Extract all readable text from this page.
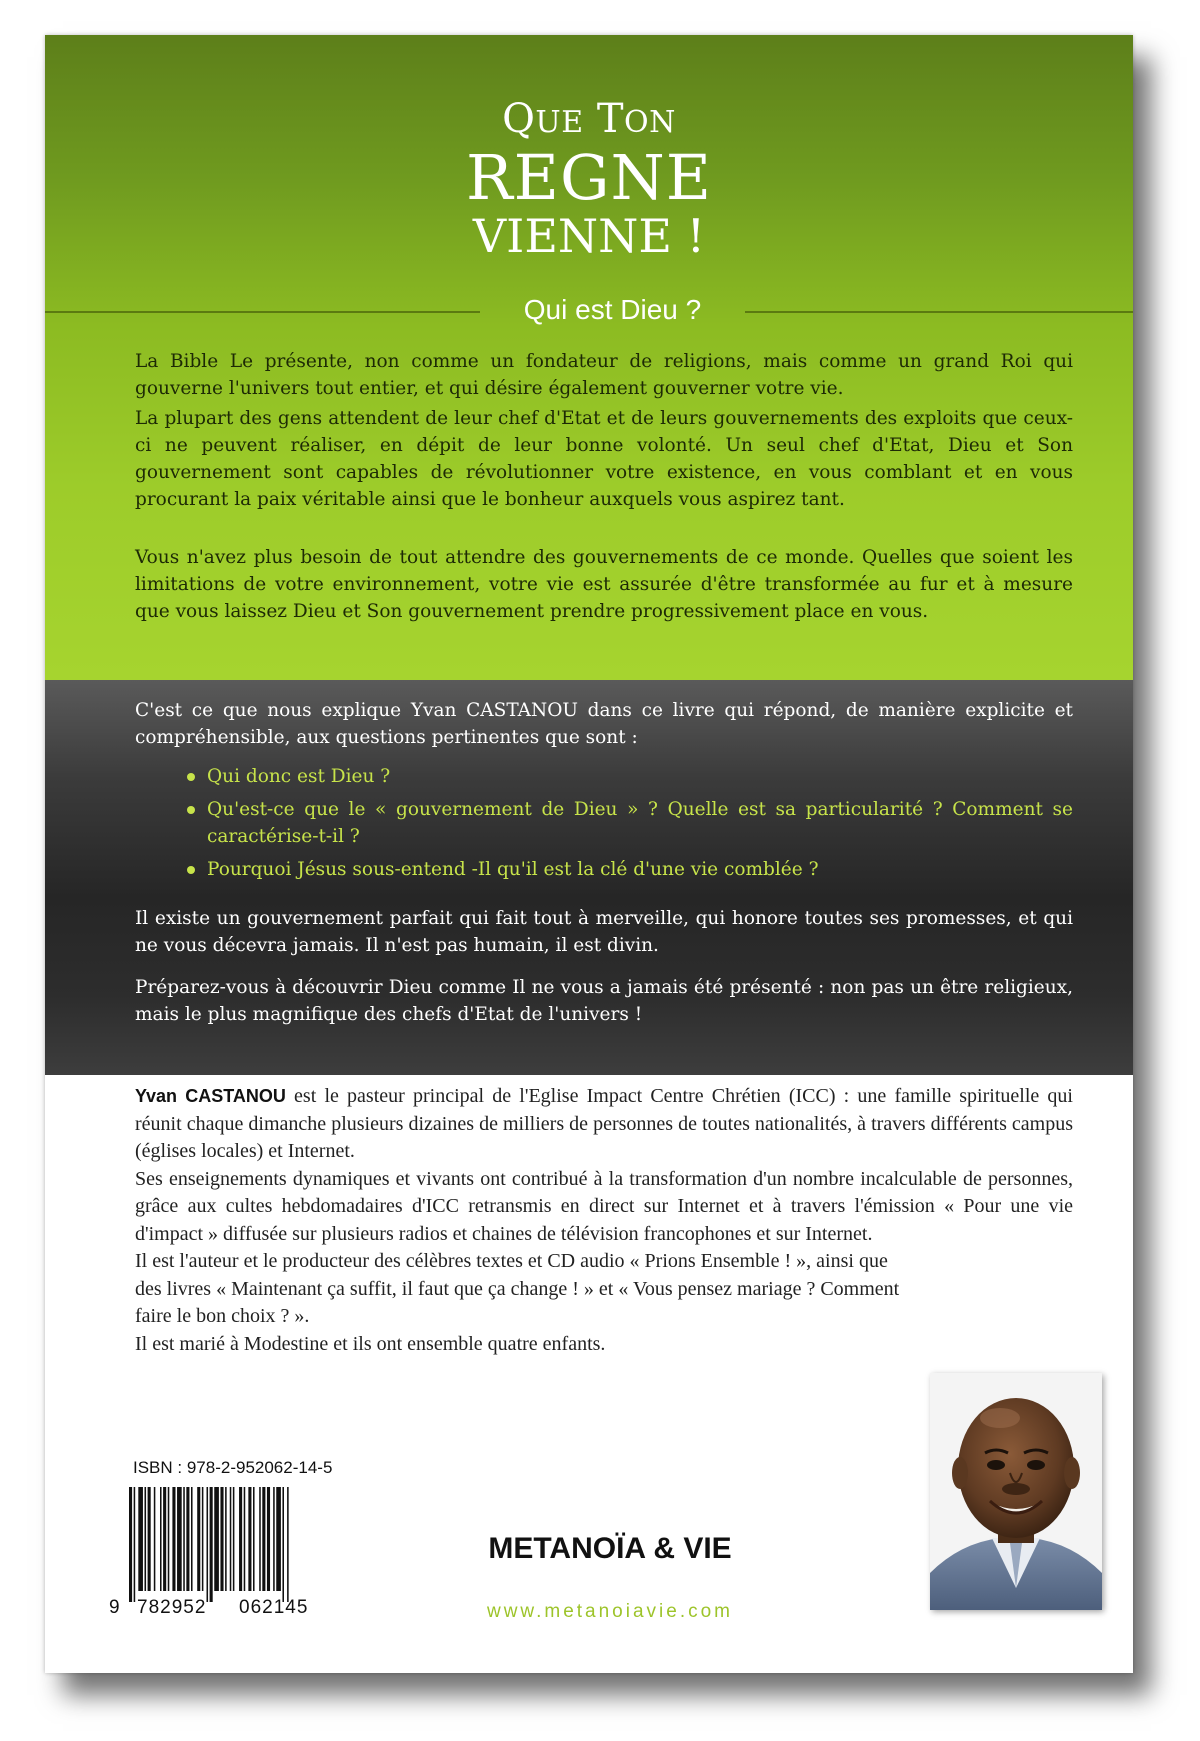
QUE TON
REGNE
VIENNE !
Qui est Dieu ?

La Bible Le présente, non comme un fondateur de religions, mais comme un grand Roi qui gouverne l'univers tout entier, et qui désire également gouverner votre vie.

La plupart des gens attendent de leur chef d'Etat et de leurs gouvernements des exploits que ceux-ci ne peuvent réaliser, en dépit de leur bonne volonté. Un seul chef d'Etat, Dieu et Son gouvernement sont capables de révolutionner votre existence, en vous comblant et en vous procurant la paix véritable ainsi que le bonheur auxquels vous aspirez tant.

Vous n'avez plus besoin de tout attendre des gouvernements de ce monde. Quelles que soient les limitations de votre environnement, votre vie est assurée d'être transformée au fur et à mesure que vous laissez Dieu et Son gouvernement prendre progressivement place en vous.

C'est ce que nous explique Yvan CASTANOU dans ce livre qui répond, de manière explicite et compréhensible, aux questions pertinentes que sont :

Qui donc est Dieu ?
Qu'est-ce que le « gouvernement de Dieu » ? Quelle est sa particularité ? Comment se caractérise-t-il ?
Pourquoi Jésus sous-entend -Il qu'il est la clé d'une vie comblée ?

Il existe un gouvernement parfait qui fait tout à merveille, qui honore toutes ses promesses, et qui ne vous décevra jamais. Il n'est pas humain, il est divin.

Préparez-vous à découvrir Dieu comme Il ne vous a jamais été présenté : non pas un être religieux, mais le plus magnifique des chefs d'Etat de l'univers !

Yvan CASTANOU est le pasteur principal de l'Eglise Impact Centre Chrétien (ICC) : une famille spirituelle qui réunit chaque dimanche plusieurs dizaines de milliers de personnes de toutes nationalités, à travers différents campus (églises locales) et Internet.

Ses enseignements dynamiques et vivants ont contribué à la transformation d'un nombre incalculable de personnes, grâce aux cultes hebdomadaires d'ICC retransmis en direct sur Internet et à travers l'émission « Pour une vie d'impact » diffusée sur plusieurs radios et chaines de télévision francophones et sur Internet.

Il est l'auteur et le producteur des célèbres textes et CD audio « Prions Ensemble ! », ainsi que des livres « Maintenant ça suffit, il faut que ça change ! » et « Vous pensez mariage ? Comment faire le bon choix ? ».

Il est marié à Modestine et ils ont ensemble quatre enfants.

ISBN : 978-2-952062-14-5
9 782952 062145
METANOÏA & VIE
www.metanoiavie.com
